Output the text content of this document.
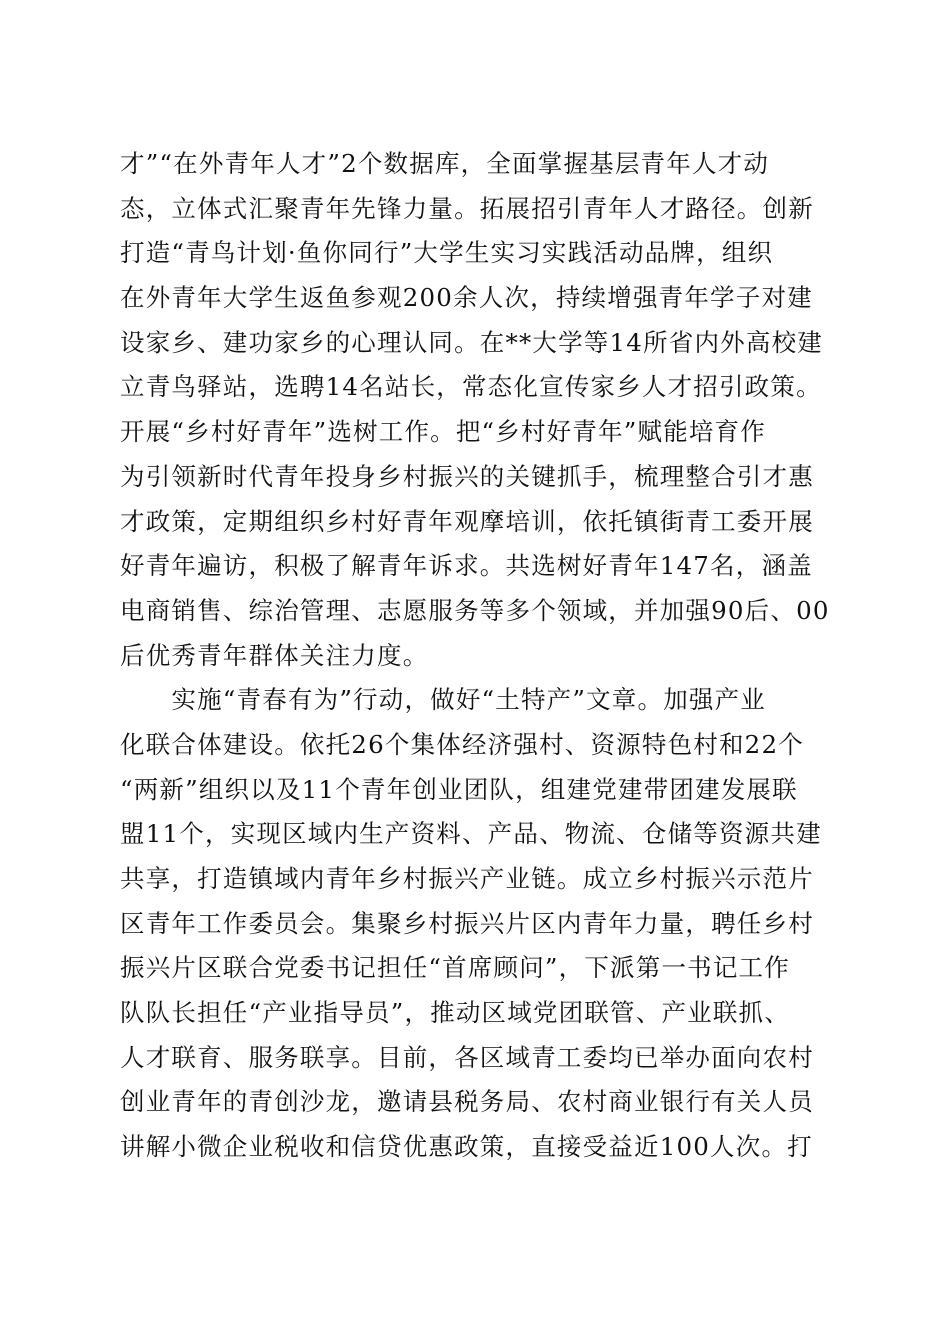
才”“在外青年人才”2个数据库，全面掌握基层青年人才动
态，立体式汇聚青年先锋力量。拓展招引青年人才路径。创新
打造“青鸟计划·鱼你同行”大学生实习实践活动品牌，组织
在外青年大学生返鱼参观200余人次，持续增强青年学子对建
设家乡、建功家乡的心理认同。在**大学等14所省内外高校建
立青鸟驿站，选聘14名站长，常态化宣传家乡人才招引政策。
开展“乡村好青年”选树工作。把“乡村好青年”赋能培育作
为引领新时代青年投身乡村振兴的关键抓手，梳理整合引才惠
才政策，定期组织乡村好青年观摩培训，依托镇街青工委开展
好青年遍访，积极了解青年诉求。共选树好青年147名，涵盖
电商销售、综治管理、志愿服务等多个领域，并加强90后、00
后优秀青年群体关注力度。
　　实施“青春有为”行动，做好“土特产”文章。加强产业
化联合体建设。依托26个集体经济强村、资源特色村和22个
“两新”组织以及11个青年创业团队，组建党建带团建发展联
盟11个，实现区域内生产资料、产品、物流、仓储等资源共建
共享，打造镇域内青年乡村振兴产业链。成立乡村振兴示范片
区青年工作委员会。集聚乡村振兴片区内青年力量，聘任乡村
振兴片区联合党委书记担任“首席顾问”，下派第一书记工作
队队长担任“产业指导员”，推动区域党团联管、产业联抓、
人才联育、服务联享。目前，各区域青工委均已举办面向农村
创业青年的青创沙龙，邀请县税务局、农村商业银行有关人员
讲解小微企业税收和信贷优惠政策，直接受益近100人次。打
